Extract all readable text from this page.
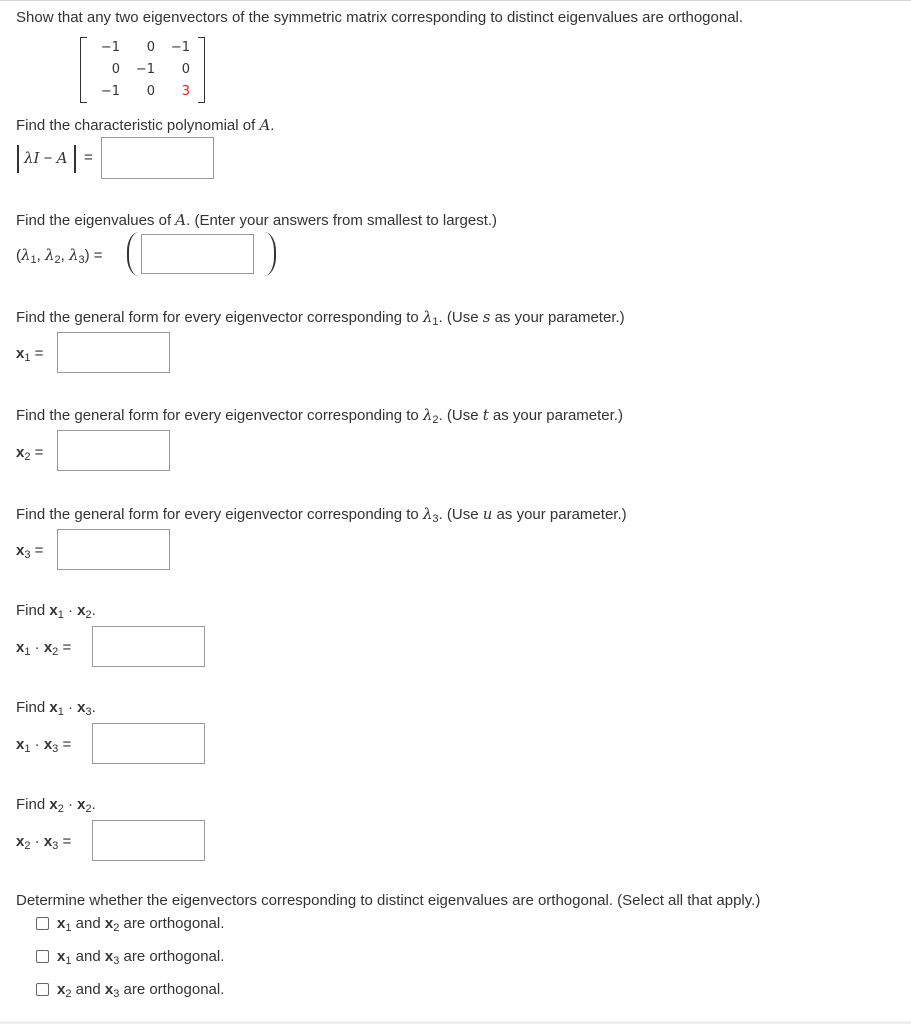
Show that any two eigenvectors of the symmetric matrix corresponding to distinct eigenvalues are orthogonal.
−1	0	−1
0	−1	0
−1	0	3
Find the characteristic polynomial of A.
λI − A =
Find the eigenvalues of A. (Enter your answers from smallest to largest.)
($\lambda_1$, $\lambda_2$, $\lambda_3$) =
Find the general form for every eigenvector corresponding to $\lambda_1$. (Use s as your parameter.)
$x_1$ =
Find the general form for every eigenvector corresponding to $\lambda_2$. (Use t as your parameter.)
$x_2$ =
Find the general form for every eigenvector corresponding to $\lambda_3$. (Use u as your parameter.)
$x_3$ =
Find $x_1 \cdot x_2$.
$x_1 \cdot x_2$ =
Find $x_1 \cdot x_3$.
$x_1 \cdot x_3$ =
Find $x_2 \cdot x_2$.
$x_2 \cdot x_3$ =
Determine whether the eigenvectors corresponding to distinct eigenvalues are orthogonal. (Select all that apply.)
$x_1$ and $x_2$ are orthogonal.
$x_1$ and $x_3$ are orthogonal.
$x_2$ and $x_3$ are orthogonal.
